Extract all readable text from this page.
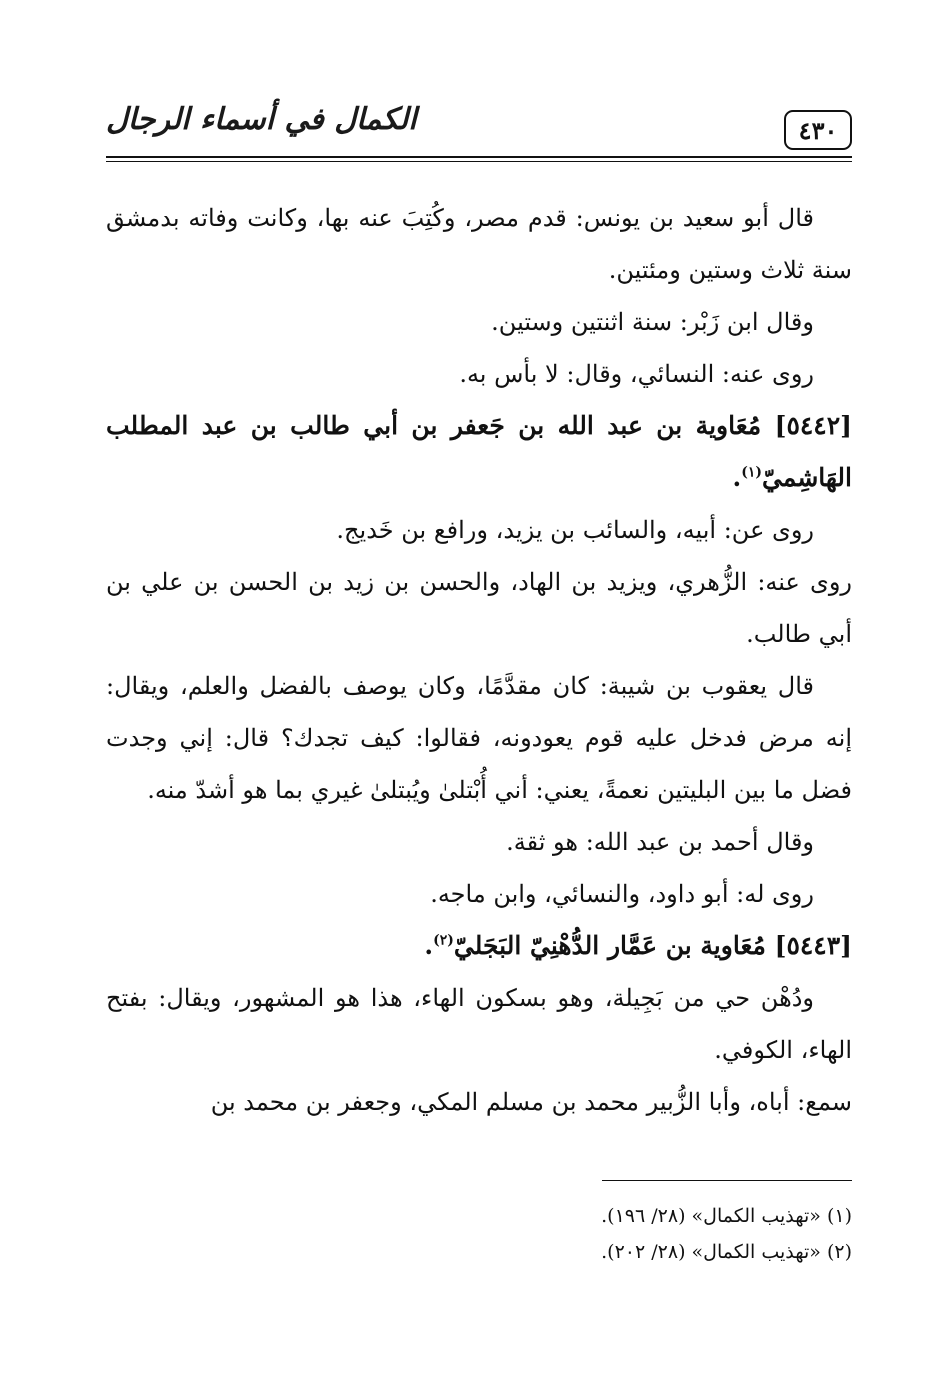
الكمال في أسماء الرجال	٤٣٠

قال أبو سعيد بن يونس: قدم مصر، وكُتِبَ عنه بها، وكانت وفاته بدمشق سنة ثلاث وستين ومئتين.

وقال ابن زَبْر: سنة اثنتين وستين.

روى عنه: النسائي، وقال: لا بأس به.

[٥٤٤٢] مُعَاوية بن عبد الله بن جَعفر بن أبي طالب بن عبد المطلب الهَاشِميّ$^{(١)}$.

روى عن: أبيه، والسائب بن يزيد، ورافع بن خَديج.

روى عنه: الزُّهري، ويزيد بن الهاد، والحسن بن زيد بن الحسن بن علي بن أبي طالب.

قال يعقوب بن شيبة: كان مقدَّمًا، وكان يوصف بالفضل والعلم، ويقال: إنه مرض فدخل عليه قوم يعودونه، فقالوا: كيف تجدك؟ قال: إني وجدت فضل ما بين البليتين نعمةً، يعني: أني أُبْتلىٰ ويُبتلىٰ غيري بما هو أشدّ منه.

وقال أحمد بن عبد الله: هو ثقة.

روى له: أبو داود، والنسائي، وابن ماجه.

[٥٤٤٣] مُعَاوية بن عَمَّار الدُّهْنِيّ البَجَليّ$^{(٢)}$.

ودُهْن حي من بَجِيلة، وهو بسكون الهاء، هذا هو المشهور، ويقال: بفتح الهاء، الكوفي.

سمع: أباه، وأبا الزُّبير محمد بن مسلم المكي، وجعفر بن محمد بن

(١) «تهذيب الكمال» (٢٨/ ١٩٦).

(٢) «تهذيب الكمال» (٢٨/ ٢٠٢).
